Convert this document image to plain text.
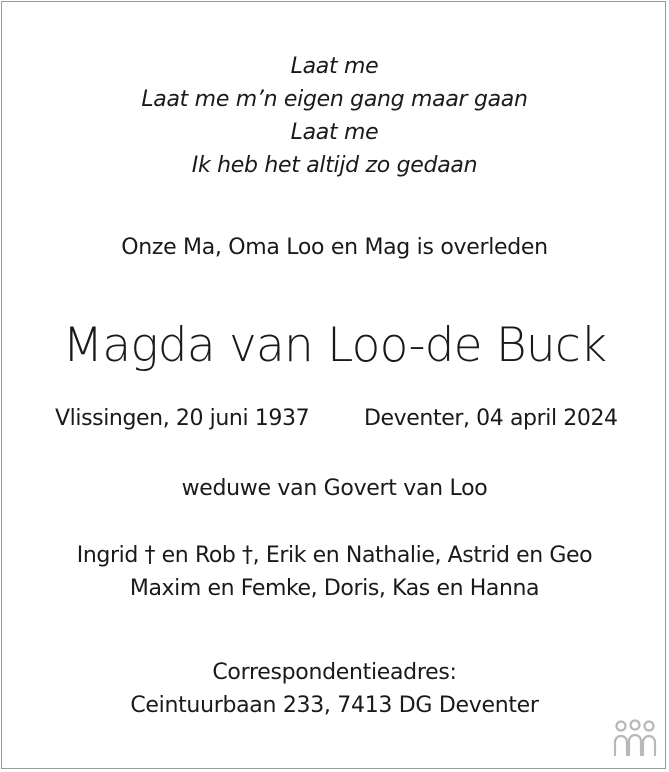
Laat me
Laat me m’n eigen gang maar gaan
Laat me
Ik heb het altijd zo gedaan
Onze Ma, Oma Loo en Mag is overleden
Magda van Loo-de Buck
Vlissingen, 20 juni 1937 Deventer, 04 april 2024
weduwe van Govert van Loo
Ingrid † en Rob †, Erik en Nathalie, Astrid en Geo
Maxim en Femke, Doris, Kas en Hanna
Correspondentieadres:
Ceintuurbaan 233, 7413 DG Deventer
